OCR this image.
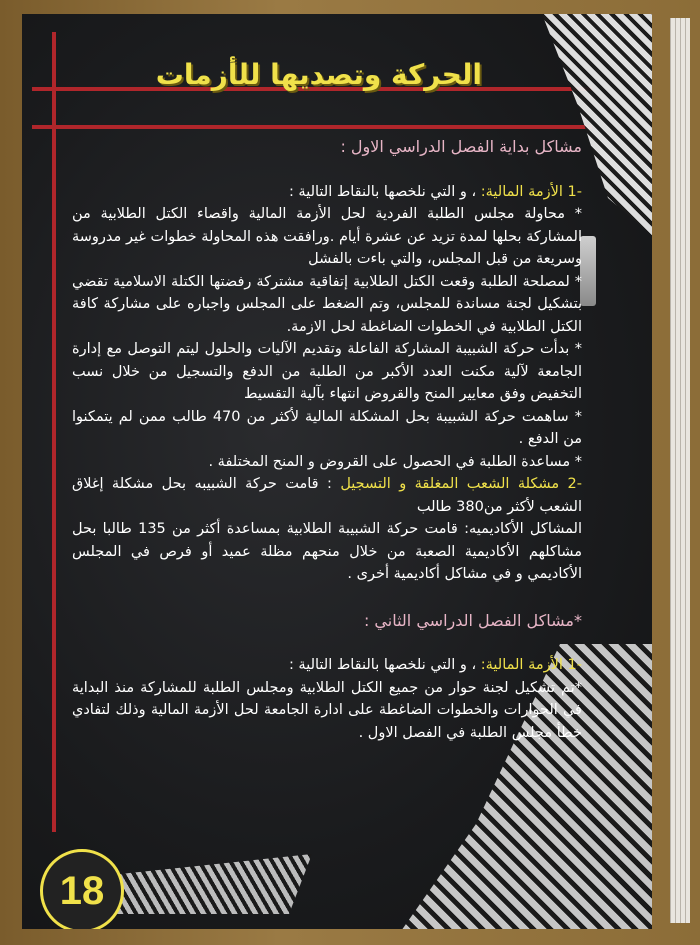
الحركة وتصديها للأزمات

مشاكل بداية الفصل الدراسي الاول :

-1 الأزمة المالية: ، و التي نلخصها بالنقاط التالية :

* محاولة مجلس الطلبة الفردية لحل الأزمة المالية واقصاء الكتل الطلابية من المشاركة بحلها لمدة تزيد عن عشرة أيام .ورافقت هذه المحاولة خطوات غير مدروسة وسريعة من قبل المجلس، والتي باءت بالفشل

* لمصلحة الطلبة وقعت الكتل الطلابية إتفاقية مشتركة رفضتها الكتلة الاسلامية تقضي بتشكيل لجنة مساندة للمجلس، وتم الضغط على المجلس واجباره على مشاركة كافة الكتل الطلابية في الخطوات الضاغطة لحل الازمة.

* بدأت حركة الشبيبة المشاركة الفاعلة وتقديم الآليات والحلول ليتم التوصل مع إدارة الجامعة لآلية مكنت العدد الأكبر من الطلبة من الدفع والتسجيل من خلال نسب التخفيض وفق معايير المنح والقروض انتهاء بآلية التقسيط

* ساهمت حركة الشبيبة بحل المشكلة المالية لأكثر من 470 طالب ممن لم يتمكنوا من الدفع .

* مساعدة الطلبة في الحصول على القروض و المنح المختلفة .

-2 مشكلة الشعب المغلقة و التسجيل : قامت حركة الشبيبه بحل مشكلة إغلاق الشعب لأكثر من380 طالب

المشاكل الأكاديميه: قامت حركة الشبيبة الطلابية بمساعدة أكثر من 135 طالبا بحل مشاكلهم الأكاديمية الصعبة من خلال منحهم مظلة عميد أو فرص في المجلس الأكاديمي و في مشاكل أكاديمية أخرى .

*مشاكل الفصل الدراسي الثاني :

-1 الأزمة المالية: ، و التي نلخصها بالنقاط التالية :

*تم تشكيل لجنة حوار من جميع الكتل الطلابية ومجلس الطلبة للمشاركة منذ البداية في الحوارات والخطوات الضاغطة على ادارة الجامعة لحل الأزمة المالية وذلك لتفادي خطأ مجلس الطلبة في الفصل الاول .

18
